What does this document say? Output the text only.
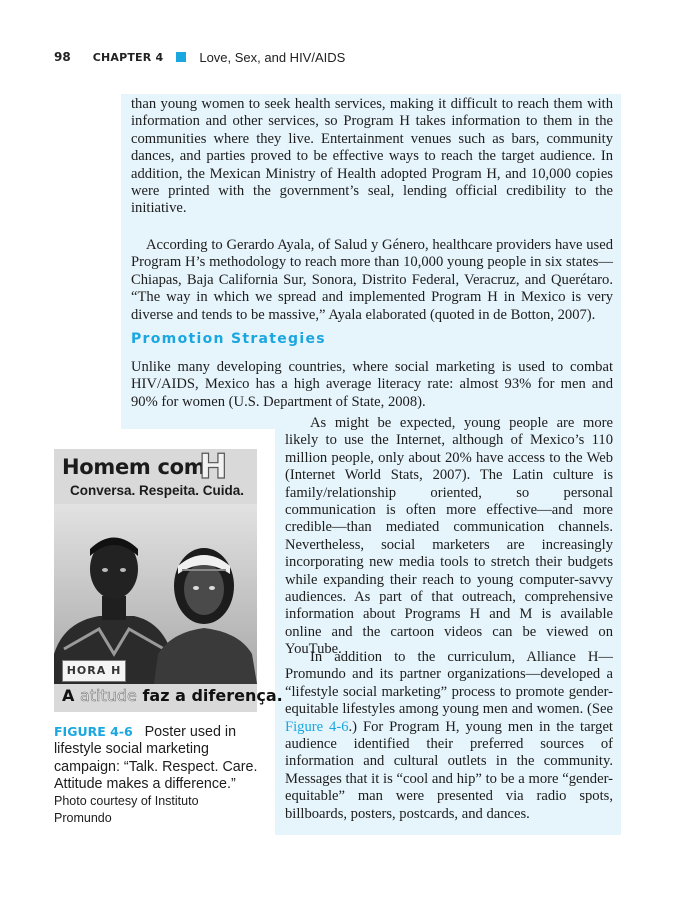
98 CHAPTER 4	Love, Sex, and HIV/AIDS

than young women to seek health services, making it difficult to reach them with information and other services, so Program H takes information to them in the communities where they live. Entertainment venues such as bars, community dances, and parties proved to be effective ways to reach the target audience. In addition, the Mexican Ministry of Health adopted Program H, and 10,000 copies were printed with the government’s seal, lending official credibility to the initiative.

According to Gerardo Ayala, of Salud y Género, healthcare providers have used Program H’s methodology to reach more than 10,000 young people in six states—Chiapas, Baja California Sur, Sonora, Distrito Federal, Veracruz, and Querétaro. “The way in which we spread and implemented Program H in Mexico is very diverse and tends to be massive,” Ayala elaborated (quoted in de Botton, 2007).

Promotion Strategies

Unlike many developing countries, where social marketing is used to combat HIV/AIDS, Mexico has a high average literacy rate: almost 93% for men and 90% for women (U.S. Department of State, 2008).

As might be expected, young people are more likely to use the Internet, although of Mexico’s 110 million people, only about 20% have access to the Web (Internet World Stats, 2007). The Latin culture is family/relationship oriented, so personal communication is often more effective—and more credible—than mediated communication channels. Nevertheless, social marketers are increasingly incorporating new media tools to stretch their budgets while expanding their reach to young computer-savvy audiences. As part of that outreach, comprehensive information about Programs H and M is available online and the cartoon videos can be viewed on YouTube.

In addition to the curriculum, Alliance H—Promundo and its partner organizations—developed a “lifestyle social marketing” process to promote gender-equitable lifestyles among young men and women. (See Figure 4-6.) For Program H, young men in the target audience identified their preferred sources of information and cultural outlets in the community. Messages that it is “cool and hip” to be a more “gender-equitable” man were presented via radio spots, billboards, posters, postcards, and dances.

Homem com
H
Conversa. Respeita. Cuida.
HORA H
A atitude faz a diferença.

FIGURE 4-6 Poster used in lifestyle social marketing campaign: “Talk. Respect. Care. Attitude makes a difference.”

Photo courtesy of Instituto Promundo
